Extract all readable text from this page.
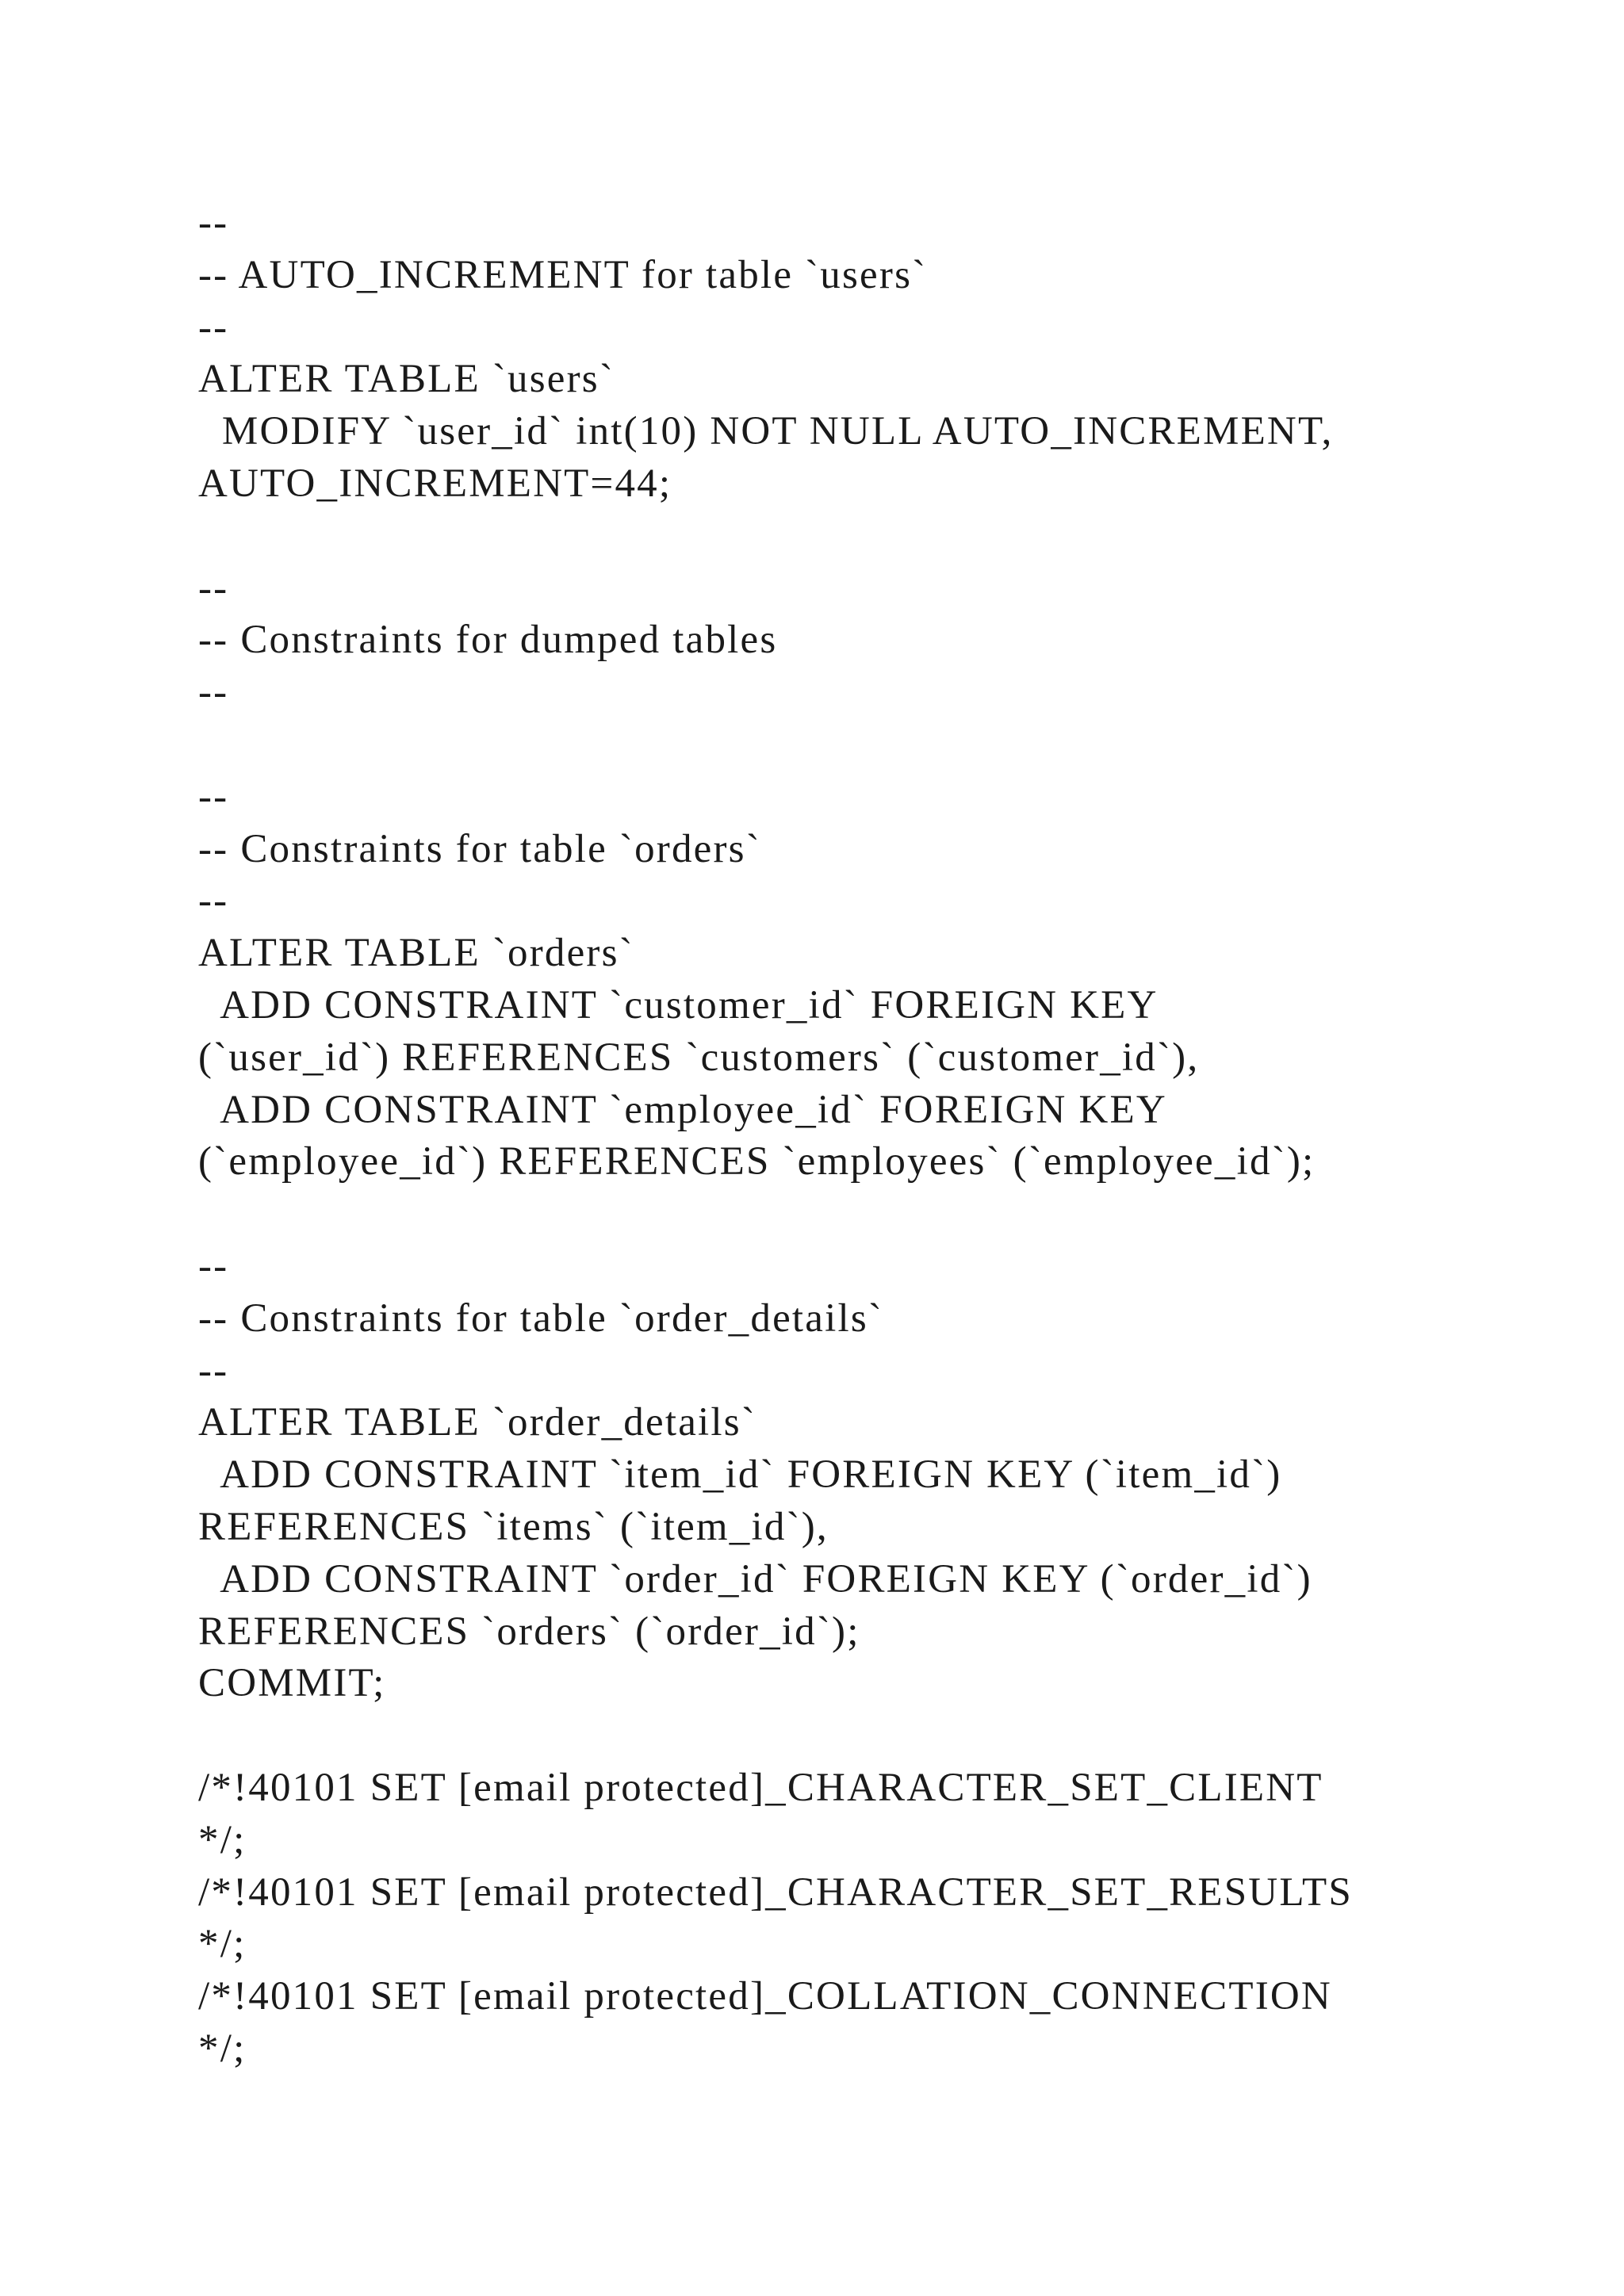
--
-- AUTO_INCREMENT for table `users`
--
ALTER TABLE `users`
MODIFY `user_id` int(10) NOT NULL AUTO_INCREMENT,
AUTO_INCREMENT=44;
--
-- Constraints for dumped tables
--
--
-- Constraints for table `orders`
--
ALTER TABLE `orders`
ADD CONSTRAINT `customer_id` FOREIGN KEY
(`user_id`) REFERENCES `customers` (`customer_id`),
ADD CONSTRAINT `employee_id` FOREIGN KEY
(`employee_id`) REFERENCES `employees` (`employee_id`);
--
-- Constraints for table `order_details`
--
ALTER TABLE `order_details`
ADD CONSTRAINT `item_id` FOREIGN KEY (`item_id`)
REFERENCES `items` (`item_id`),
ADD CONSTRAINT `order_id` FOREIGN KEY (`order_id`)
REFERENCES `orders` (`order_id`);
COMMIT;
/*!40101 SET [email protected]_CHARACTER_SET_CLIENT
*/;
/*!40101 SET [email protected]_CHARACTER_SET_RESULTS
*/;
/*!40101 SET [email protected]_COLLATION_CONNECTION
*/;
